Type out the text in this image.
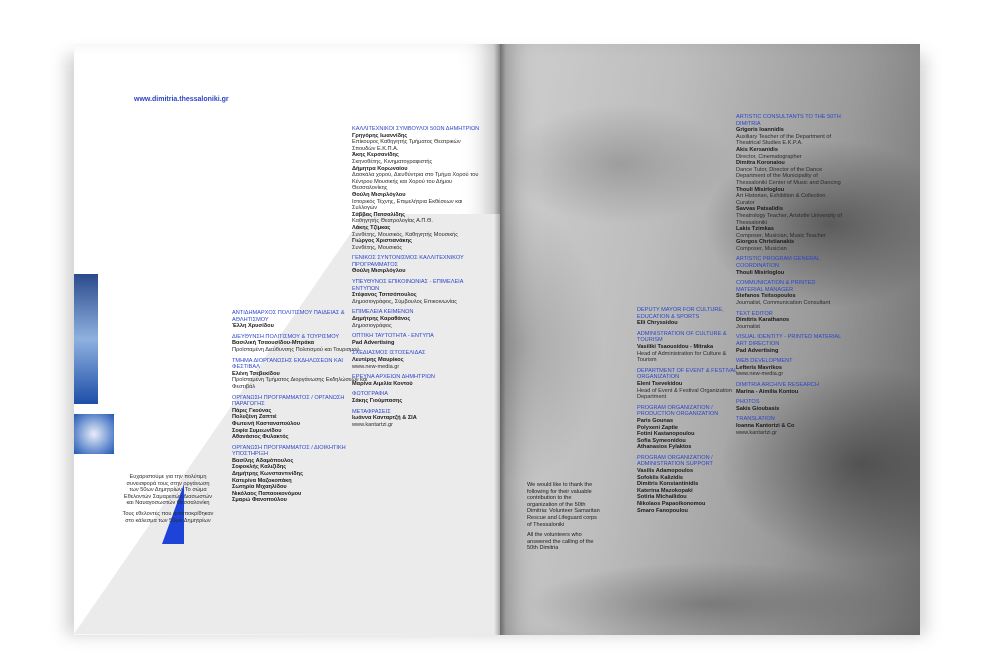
www.dimitria.thessaloniki.gr
ΑΝΤΙΔΗΜΑΡΧΟΣ ΠΟΛΙΤΙΣΜΟΥ ΠΑΙΔΕΙΑΣ & ΑΘΛΗΤΙΣΜΟΥ
Έλλη Χρυσίδου
ΔΙΕΥΘΥΝΣΗ ΠΟΛΙΤΙΣΜΟΥ & ΤΟΥΡΙΣΜΟΥ
Βασιλική Τσαουσίδου-Μπράκα
Προϊσταμένη Διεύθυνσης Πολιτισμού και Τουρισμού
ΤΜΗΜΑ ΔΙΟΡΓΑΝΩΣΗΣ ΕΚΔΗΛΩΣΕΩΝ ΚΑΙ ΦΕΣΤΙΒΑΛ
Ελένη Τσεβεκίδου
Προϊσταμένη Τμήματος Διοργάνωσης Εκδηλώσεων και Φεστιβάλ
ΟΡΓΑΝΩΣΗ ΠΡΟΓΡΑΜΜΑΤΟΣ / ΟΡΓΑΝΩΣΗ ΠΑΡΑΓΩΓΗΣ
Πάρις Γκούνας
Πολυξένη Ζαπτιέ
Φωτεινή Κασταναπούλου
Σοφία Συμεωνίδου
Αθανάσιος Φυλακτός
ΟΡΓΑΝΩΣΗ ΠΡΟΓΡΑΜΜΑΤΟΣ / ΔΙΟΙΚΗΤΙΚΗ ΥΠΟΣΤΗΡΙΞΗ
Βασίλης Αδαμόπουλος
Σοφοκλής Καλιζίδης
Δημήτρης Κωνσταντινίδης
Κατερίνα Μαζοκοπάκη
Σωτηρία Μιχαηλίδου
Νικόλαος Παπαοικονόμου
Σμαρώ Φανοπούλου
ΚΑΛΛΙΤΕΧΝΙΚΟΙ ΣΥΜΒΟΥΛΟΙ 50ΩΝ ΔΗΜΗΤΡΙΩΝ
Γρηγόρης Ιωαννίδης
Επίκουρος Καθηγητής Τμήματος Θεατρικών Σπουδών Ε.Κ.Π.Α.
Άκης Κερσανίδης
Σκηνοθέτης, Κινηματογραφιστής
Δήμητρα Κορωναίου
Δασκάλα χορού, Διευθύντρια στο Τμήμα Χορού του Κέντρου Μουσικής και Χορού του Δήμου Θεσσαλονίκης
Θούλη Μισιρλόγλου
Ιστορικός Τέχνης, Επιμελήτρια Εκθέσεων και Συλλογών
Σάββας Πατσαλίδης
Καθηγητής Θεατρολογίας Α.Π.Θ.
Λάκης Τζίμκας
Συνθέτης, Μουσικός, Καθηγητής Μουσικής
Γιώργος Χριστιανάκης
Συνθέτης, Μουσικός
ΓΕΝΙΚΟΣ ΣΥΝΤΟΝΙΣΜΟΣ ΚΑΛΛΙΤΕΧΝΙΚΟΥ ΠΡΟΓΡΑΜΜΑΤΟΣ
Θούλη Μισιρλόγλου
ΥΠΕΥΘΥΝΟΣ ΕΠΙΚΟΙΝΩΝΙΑΣ - ΕΠΙΜΕΛΕΙΑ ΕΝΤΥΠΩΝ
Στέφανος Τσιτσόπουλος
Δημοσιογράφος, Σύμβουλος Επικοινωνίας
ΕΠΙΜΕΛΕΙΑ ΚΕΙΜΕΝΩΝ
Δημήτρης Καραθάνος
Δημοσιογράφος
ΟΠΤΙΚΗ ΤΑΥΤΟΤΗΤΑ - ΕΝΤΥΠΑ
Pad Advertising
ΣΧΕΔΙΑΣΜΟΣ ΙΣΤΟΣΕΛΙΔΑΣ
Λευτέρης Μαυρίκος
www.new-media.gr
ΕΡΕΥΝΑ ΑΡΧΕΙΩΝ ΔΗΜΗΤΡΙΩΝ
Μαρίνα Αιμιλία Κοντού
ΦΩΤΟΓΡΑΦΙΑ
Σάκης Γιούμπασης
ΜΕΤΑΦΡΑΣΕΙΣ
Ιωάννα Κανταρτζή & ΣΙΑ
www.kantartzi.gr

Ευχαριστούμε για την πολύτιμη συνεισφορά τους στην οργάνωση των 50ων Δημητρίων: Το σώμα Εθελοντών Σαμαρειτών Διασωστών και Ναυαγοσωστών Θεσσαλονίκη

Τους εθελοντές που ανταποκρίθηκαν στο κάλεσμα των 50ων Δημητρίων

We would like to thank the following for their valuable contribution to the organization of the 50th Dimitria: Volunteer Samaritan Rescue and Lifeguard corps of Thessaloniki

All the volunteers who answered the calling of the 50th Dimitria

DEPUTY MAYOR FOR CULTURE, EDUCATION & SPORTS
Elli Chryssidou
ADMINISTRATION OF CULTURE & TOURISM
Vasiliki Tsaousidou - Mitraka
Head of Administration for Culture & Tourism
DEPARTMENT OF EVENT & FESTIVAL ORGANIZATION
Eleni Tsevekidou
Head of Event & Festival Organization Department
PROGRAM ORGANIZATION / PRODUCTION ORGANIZATION
Paris Gounas
Polyxeni Zaptie
Fotini Kastanopoulou
Sofia Symeonidou
Athanasios Fylaktos
PROGRAM ORGANIZATION / ADMINISTRATION SUPPORT
Vasilis Adamopoulos
Sofoklis Kalizidis
Dimitris Konstantinidis
Katerina Mazokopaki
Sotiria Michailidou
Nikolaos Papaoikonomou
Smaro Fanopoulou
ARTISTIC CONSULTANTS TO THE 50TH DIMITRIA
Grigoris Ioannidis
Auxiliary Teacher of the Department of Theatrical Studies E.K.P.A.
Akis Kersanidis
Director, Cinematographer
Dimitra Koronaiou
Dance Tutor, Director of the Dance Department of the Municipality of Thessaloniki Center of Music and Dancing
Thouli Misirloglou
Art Historian, Exhibition & Collection Curator
Savvas Patsalidis
Theatrology Teacher, Aristotle University of Thessaloniki
Lakis Tzimkas
Composer, Musician, Music Teacher
Giorgos Christianakis
Composer, Musician
ARTISTIC PROGRAM GENERAL COORDINATION
Thouli Misirloglou
COMMUNICATION & PRINTED MATERIAL MANAGER
Stefanos Tsitsopoulos
Journalist, Communication Consultant
TEXT EDITOR
Dimitris Karathanos
Journalist
VISUAL IDENTITY - PRINTED MATERIAL ART DIRECTION
Pad Advertising
WEB DEVELOPMENT
Lefteris Mavrikos
www.new-media.gr
DIMITRIA ARCHIVE RESEARCH
Marina - Aimilia Kontou
PHOTOS
Sakis Gioubasis
TRANSLATION
Ioanna Kantortzi & Co
www.kantartzi.gr
